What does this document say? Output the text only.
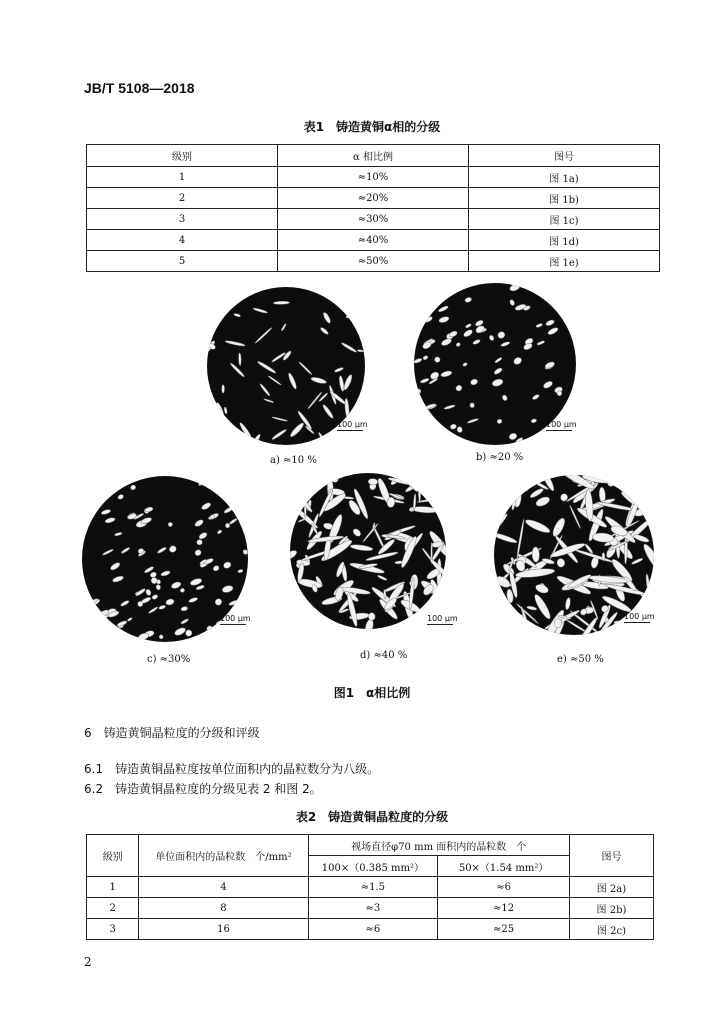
JB/T 5108—2018
表1　铸造黄铜α相的分级
级别	α 相比例	图号
1	≈10%	图 1a)
2	≈20%	图 1b)
3	≈30%	图 1c)
4	≈40%	图 1d)
5	≈50%	图 1e)
100 μm
a) ≈10 %
100 μm
b) ≈20 %
100 μm
c) ≈30%
100 μm
d) ≈40 %
100 μm
e) ≈50 %
图1　α相比例
6　铸造黄铜晶粒度的分级和评级
6.1　铸造黄铜晶粒度按单位面积内的晶粒数分为八级。
6.2　铸造黄铜晶粒度的分级见表 2 和图 2。
表2　铸造黄铜晶粒度的分级
级别	单位面积内的晶粒数　个/mm²	视场直径φ70 mm 面积内的晶粒数　个		图号
		100×（0.385 mm²）	50×（1.54 mm²）	
1	4	≈1.5	≈6	图 2a)
2	8	≈3	≈12	图 2b)
3	16	≈6	≈25	图 2c)
2
